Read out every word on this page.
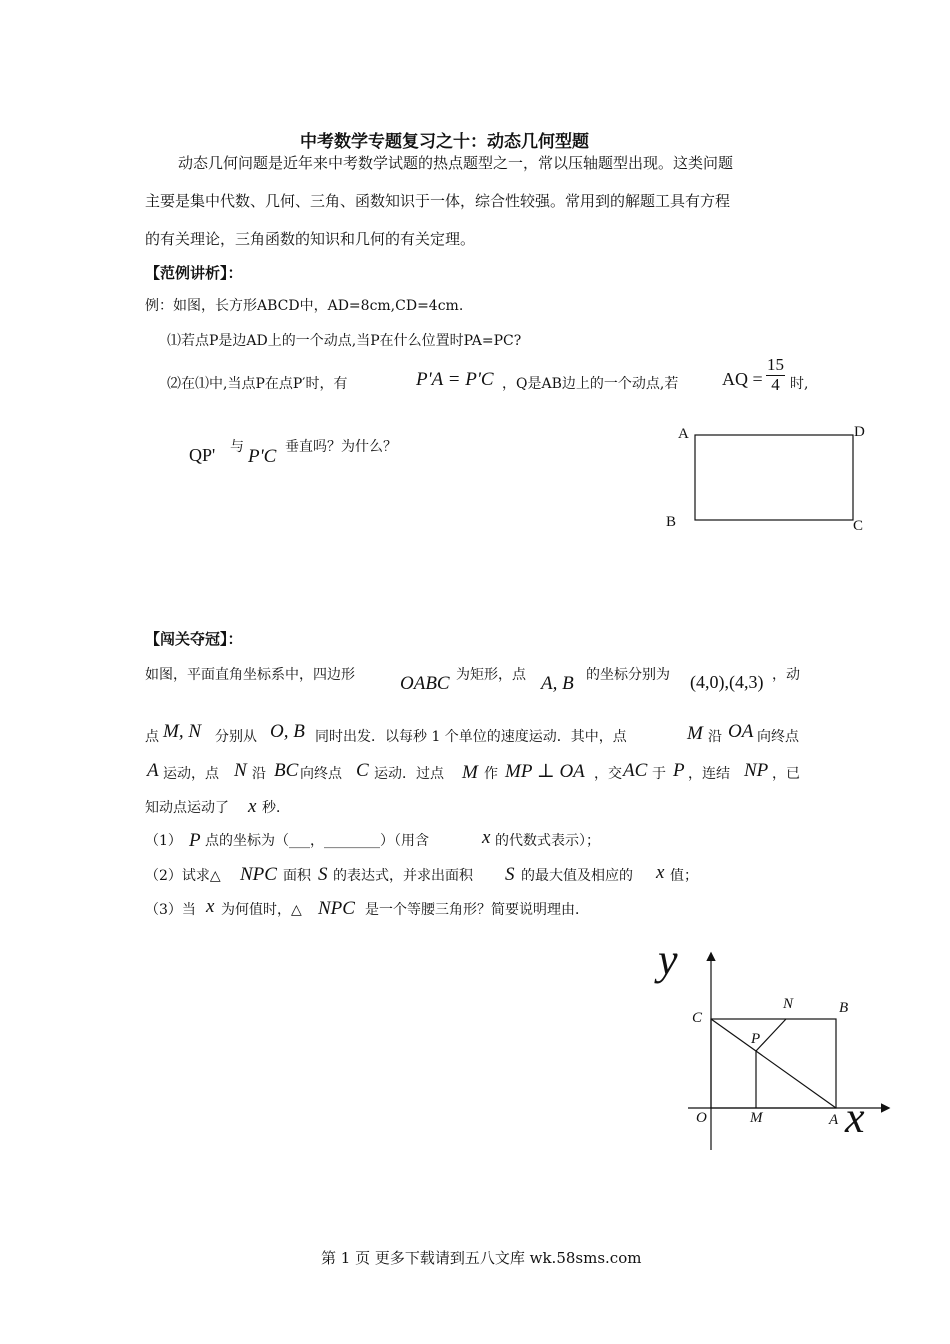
中考数学专题复习之十：动态几何型题
动态几何问题是近年来中考数学试题的热点题型之一，常以压轴题型出现。这类问题
主要是集中代数、几何、三角、函数知识于一体，综合性较强。常用到的解题工具有方程
的有关理论，三角函数的知识和几何的有关定理。
【范例讲析】：
例：如图，长方形ABCD中，AD=8cm,CD=4cm.
⑴若点P是边AD上的一个动点,当P在什么位置时PA=PC?
⑵在⑴中,当点P在点P′时，有	P'A = P'C ，Q是AB边上的一个动点,若 AQ = $\frac{15}{4}$ 时,
QP' 与 P'C 垂直吗？为什么？
A	D
B	C
【闯关夺冠】：
如图，平面直角坐标系中，四边形 OABC 为矩形，点 A, B 的坐标分别为 (4,0),(4,3) ，动
点 M, N 分别从 O, B 同时出发．以每秒 1 个单位的速度运动．其中，点	M 沿 OA 向终点
A 运动，点 N 沿 BC 向终点 C 运动．过点 M 作 MP ⊥ OA ，交 AC 于 P ，连结 NP ，已
知动点运动了 x 秒．
（1） P 点的坐标为（___，________）（用含	x 的代数式表示）；
（2）试求△ NPC 面积 S 的表达式，并求出面积 S 的最大值及相应的 x 值；
（3）当 x 为何值时，△ NPC 是一个等腰三角形？简要说明理由．
y
x
O	M	A
C
P
N	B
第 1 页 更多下载请到五八文库 wk.58sms.com
